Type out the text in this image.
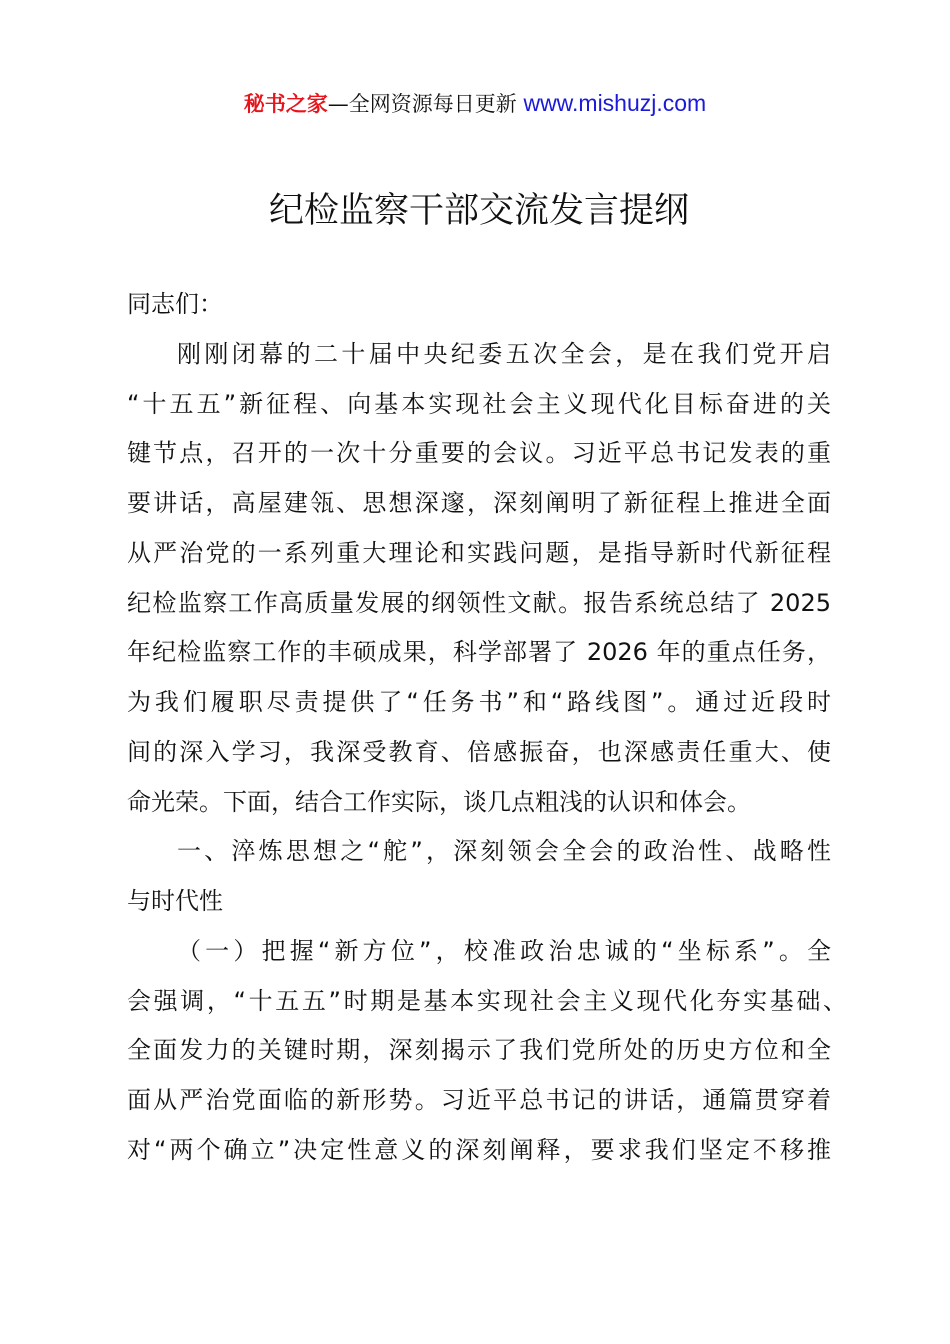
秘书之家—全网资源每日更新 www.mishuzj.com
纪检监察干部交流发言提纲
同志们：
刚刚闭幕的二十届中央纪委五次全会，是在我们党开启
“十五五”新征程、向基本实现社会主义现代化目标奋进的关
键节点，召开的一次十分重要的会议。习近平总书记发表的重
要讲话，高屋建瓴、思想深邃，深刻阐明了新征程上推进全面
从严治党的一系列重大理论和实践问题，是指导新时代新征程
纪检监察工作高质量发展的纲领性文献。报告系统总结了 2025
年纪检监察工作的丰硕成果，科学部署了 2026 年的重点任务，
为我们履职尽责提供了“任务书”和“路线图”。通过近段时
间的深入学习，我深受教育、倍感振奋，也深感责任重大、使
命光荣。下面，结合工作实际，谈几点粗浅的认识和体会。
一、淬炼思想之“舵”，深刻领会全会的政治性、战略性
与时代性
（一）把握“新方位”，校准政治忠诚的“坐标系”。全
会强调，“十五五”时期是基本实现社会主义现代化夯实基础、
全面发力的关键时期，深刻揭示了我们党所处的历史方位和全
面从严治党面临的新形势。习近平总书记的讲话，通篇贯穿着
对“两个确立”决定性意义的深刻阐释，要求我们坚定不移推
